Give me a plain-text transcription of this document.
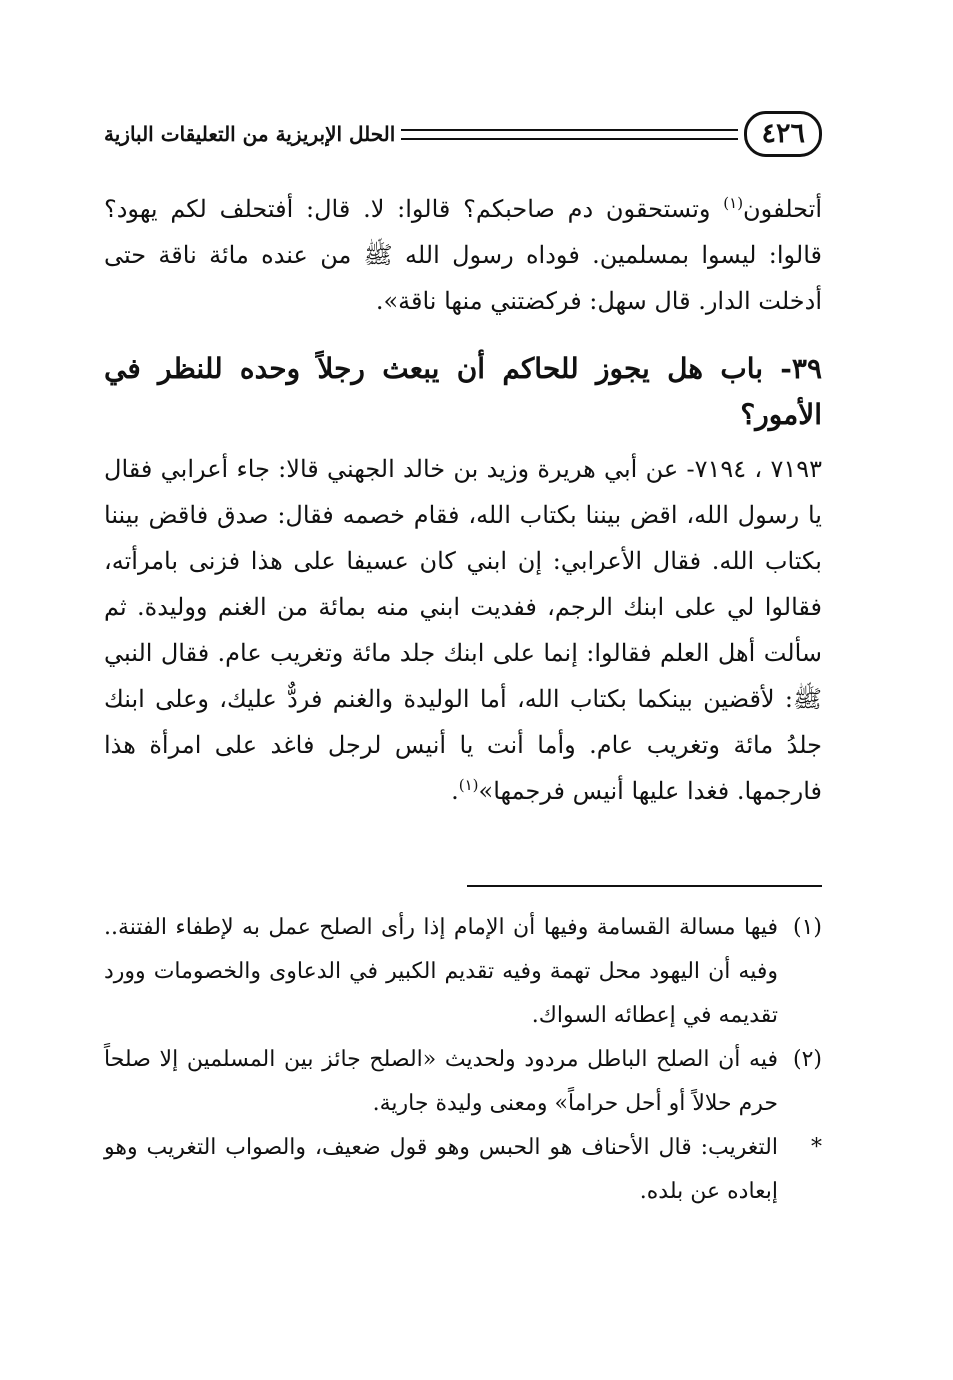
٤٢٦
الحلل الإبريزية من التعليقات البازية

أتحلفون$^{(١)}$ وتستحقون دم صاحبكم؟ قالوا: لا. قال: أفتحلف لكم يهود؟ قالوا: ليسوا بمسلمين. فوداه رسول الله ﷺ من عنده مائة ناقة حتى أدخلت الدار. قال سهل: فركضتني منها ناقة».

٣٩- باب هل يجوز للحاكم أن يبعث رجلاً وحده للنظر في الأمور؟

٧١٩٣ ، ٧١٩٤- عن أبي هريرة وزيد بن خالد الجهني قالا: جاء أعرابي فقال يا رسول الله، اقض بيننا بكتاب الله، فقام خصمه فقال: صدق فاقض بيننا بكتاب الله. فقال الأعرابي: إن ابني كان عسيفا على هذا فزنى بامرأته، فقالوا لي على ابنك الرجم، ففديت ابني منه بمائة من الغنم ووليدة. ثم سألت أهل العلم فقالوا: إنما على ابنك جلد مائة وتغريب عام. فقال النبي ﷺ: لأقضين بينكما بكتاب الله، أما الوليدة والغنم فردٌّ عليك، وعلى ابنك جلدُ مائة وتغريب عام. وأما أنت يا أنيس لرجل فاغد على امرأة هذا فارجمها. فغدا عليها أنيس فرجمها»$^{(١)}$.

(١)
فيها مسالة القسامة وفيها أن الإمام إذا رأى الصلح عمل به لإطفاء الفتنة.. وفيه أن اليهود محل تهمة وفيه تقديم الكبير في الدعاوى والخصومات وورد تقديمه في إعطائه السواك.
(٢)
فيه أن الصلح الباطل مردود ولحديث «الصلح جائز بين المسلمين إلا صلحاً حرم حلالاً أو أحل حراماً» ومعنى وليدة جارية.
*
التغريب: قال الأحناف هو الحبس وهو قول ضعيف، والصواب التغريب وهو إبعاده عن بلده.
